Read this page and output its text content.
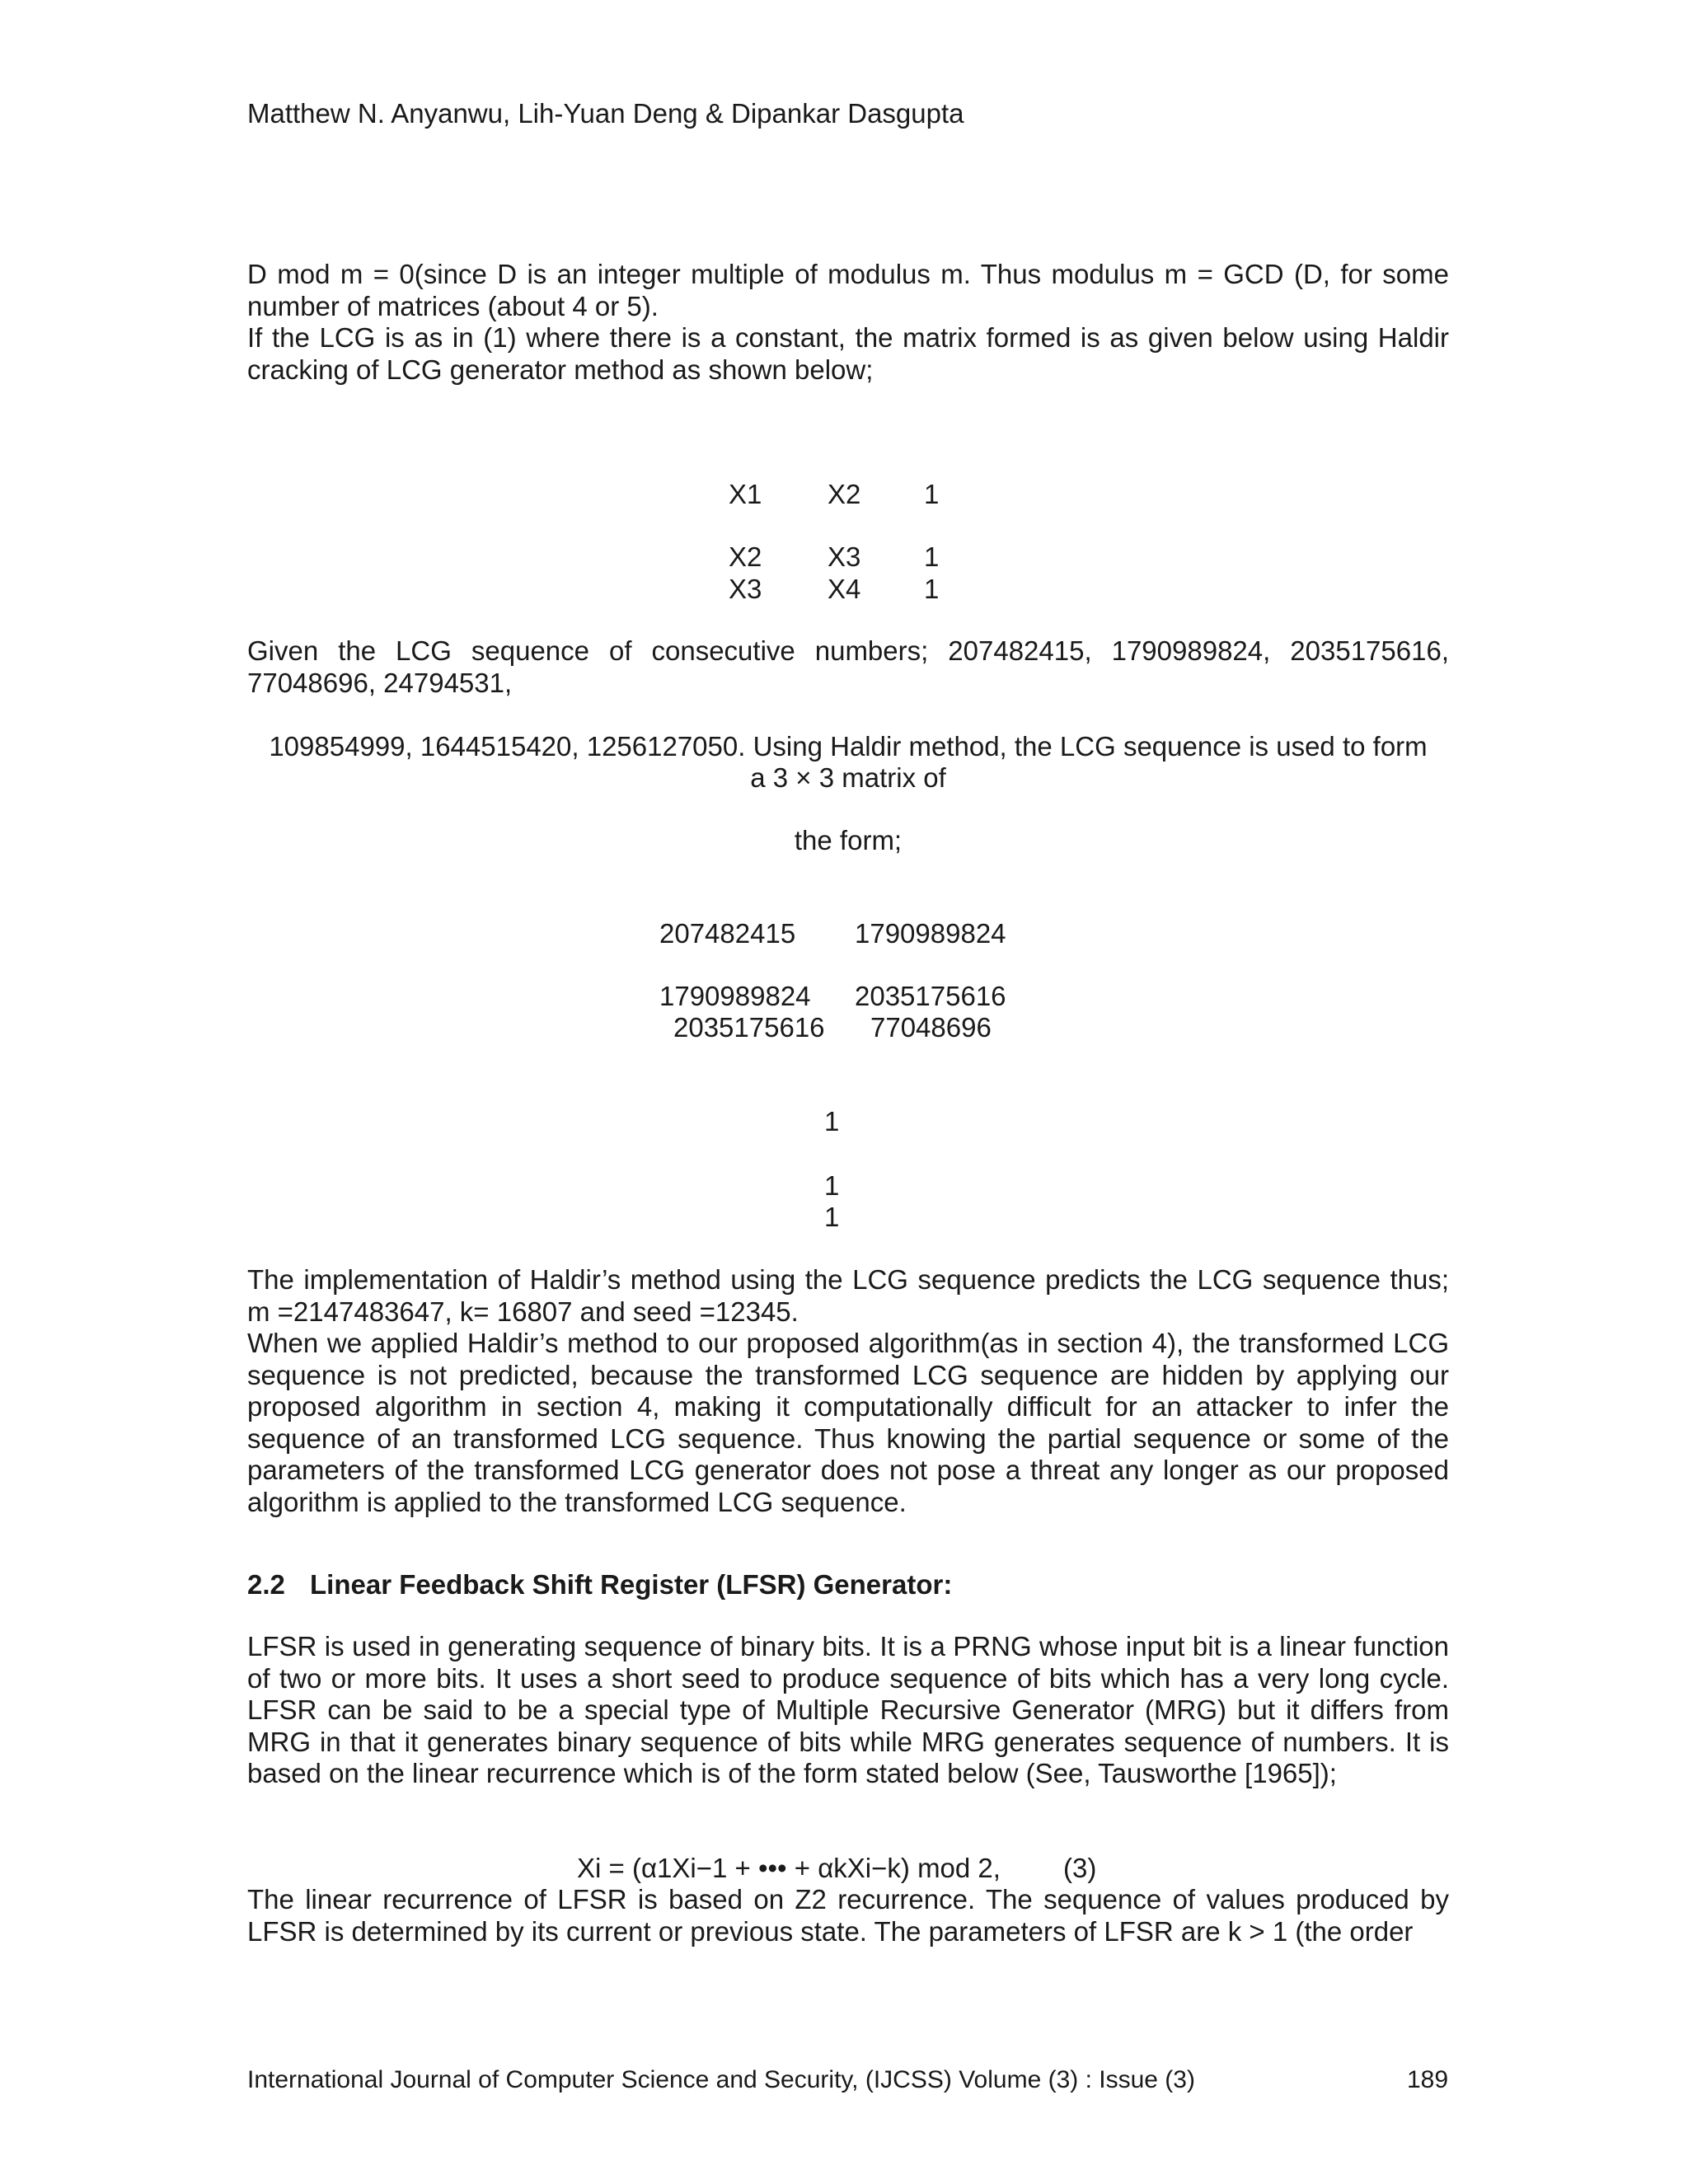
Matthew N. Anyanwu, Lih-Yuan Deng & Dipankar Dasgupta

D mod m = 0(since D is an integer multiple of modulus m. Thus modulus m = GCD (D, for some number of matrices (about 4 or 5).

If the LCG is as in (1) where there is a constant, the matrix formed is as given below using Haldir cracking of LCG generator method as shown below;

X1 X2 1
X2 X3 1
X3 X4 1

Given the LCG sequence of consecutive numbers; 207482415, 1790989824, 2035175616,

77048696, 24794531,

109854999, 1644515420, 1256127050. Using Haldir method, the LCG sequence is used to form
a 3 × 3 matrix of
the form;
207482415 1790989824
1790989824 2035175616
2035175616 77048696
1
1
1

The implementation of Haldir’s method using the LCG sequence predicts the LCG sequence thus; m =2147483647, k= 16807 and seed =12345.

When we applied Haldir’s method to our proposed algorithm(as in section 4), the transformed LCG sequence is not predicted, because the transformed LCG sequence are hidden by applying our proposed algorithm in section 4, making it computationally difficult for an attacker to infer the sequence of an transformed LCG sequence. Thus knowing the partial sequence or some of the parameters of the transformed LCG generator does not pose a threat any longer as our proposed algorithm is applied to the transformed LCG sequence.

2.2 Linear Feedback Shift Register (LFSR) Generator:
LFSR is used in generating sequence of binary bits. It is a PRNG whose input bit is a linear function of two or more bits. It uses a short seed to produce sequence of bits which has a very long cycle. LFSR can be said to be a special type of Multiple Recursive Generator (MRG) but it differs from MRG in that it generates binary sequence of bits while MRG generates sequence of numbers. It is based on the linear recurrence which is of the form stated below (See, Tausworthe [1965]);
Xi = (α1Xi−1 + ••• + αkXi−k) mod 2, (3)
The linear recurrence of LFSR is based on Z2 recurrence. The sequence of values produced by LFSR is determined by its current or previous state. The parameters of LFSR are k > 1 (the order
International Journal of Computer Science and Security, (IJCSS) Volume (3) : Issue (3)	189
